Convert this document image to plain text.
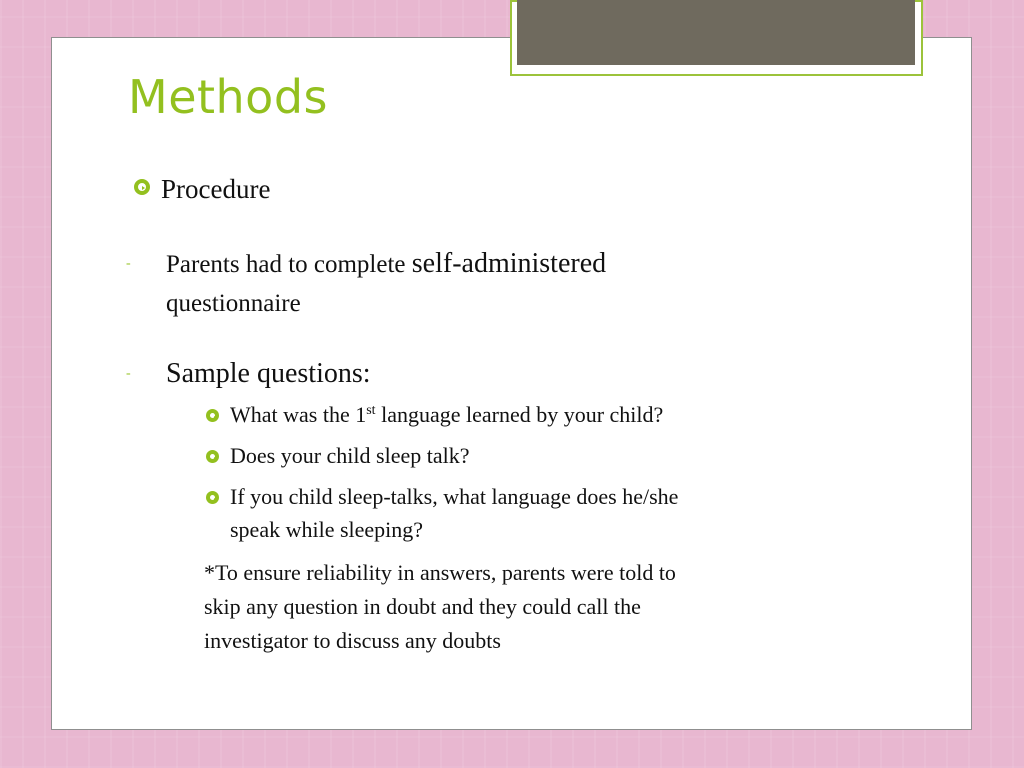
Methods
Procedure
- Parents had to complete self-administered
questionnaire
- Sample questions:
What was the 1st language learned by your child?
Does your child sleep talk?
If you child sleep-talks, what language does he/she
speak while sleeping?
*To ensure reliability in answers, parents were told to
skip any question in doubt and they could call the
investigator to discuss any doubts
